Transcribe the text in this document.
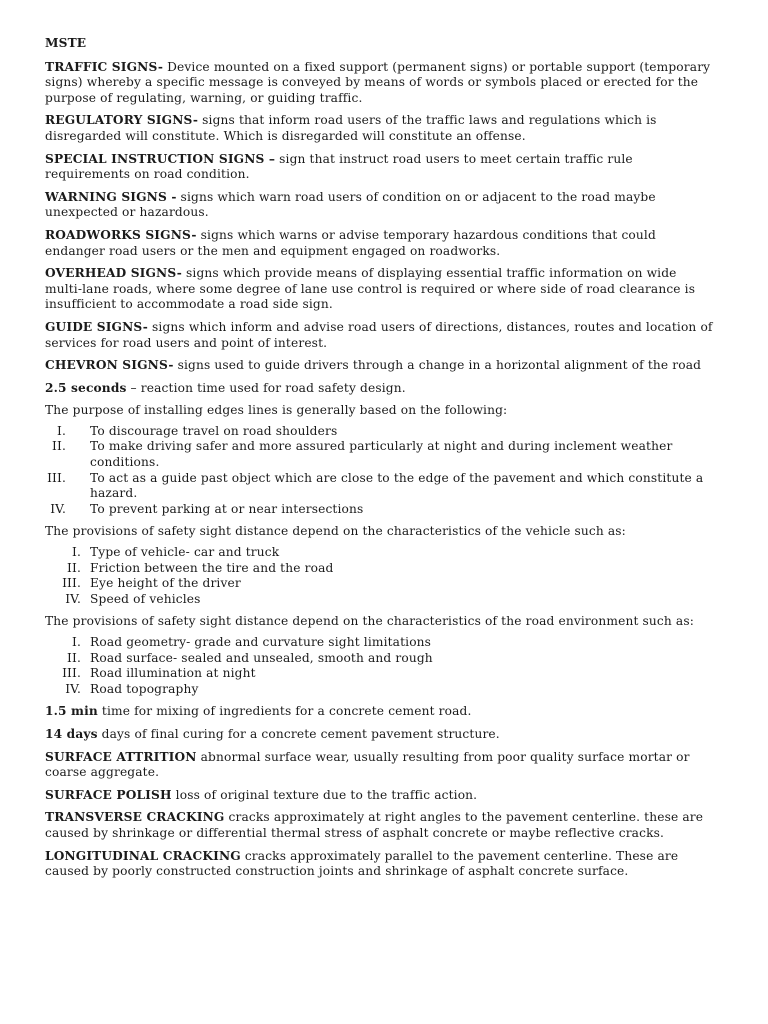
MSTE

TRAFFIC SIGNS- Device mounted on a fixed support (permanent signs) or portable support (temporary signs) whereby a specific message is conveyed by means of words or symbols placed or erected for the purpose of regulating, warning, or guiding traffic.

REGULATORY SIGNS- signs that inform road users of the traffic laws and regulations which is disregarded will constitute. Which is disregarded will constitute an offense.

SPECIAL INSTRUCTION SIGNS – sign that instruct road users to meet certain traffic rule requirements on road condition.

WARNING SIGNS - signs which warn road users of condition on or adjacent to the road maybe unexpected or hazardous.

ROADWORKS SIGNS- signs which warns or advise temporary hazardous conditions that could endanger road users or the men and equipment engaged on roadworks.

OVERHEAD SIGNS- signs which provide means of displaying essential traffic information on wide multi-lane roads, where some degree of lane use control is required or where side of road clearance is insufficient to accommodate a road side sign.

GUIDE SIGNS- signs which inform and advise road users of directions, distances, routes and location of services for road users and point of interest.

CHEVRON SIGNS- signs used to guide drivers through a change in a horizontal alignment of the road

2.5 seconds – reaction time used for road safety design.

The purpose of installing edges lines is generally based on the following:

I. To discourage travel on road shoulders
II. To make driving safer and more assured particularly at night and during inclement weather conditions.
III. To act as a guide past object which are close to the edge of the pavement and which constitute a hazard.
IV. To prevent parking at or near intersections

The provisions of safety sight distance depend on the characteristics of the vehicle such as:

I. Type of vehicle- car and truck
II. Friction between the tire and the road
III. Eye height of the driver
IV. Speed of vehicles

The provisions of safety sight distance depend on the characteristics of the road environment such as:

I. Road geometry- grade and curvature sight limitations
II. Road surface- sealed and unsealed, smooth and rough
III. Road illumination at night
IV. Road topography

1.5 min time for mixing of ingredients for a concrete cement road.

14 days days of final curing for a concrete cement pavement structure.

SURFACE ATTRITION abnormal surface wear, usually resulting from poor quality surface mortar or coarse aggregate.

SURFACE POLISH loss of original texture due to the traffic action.

TRANSVERSE CRACKING cracks approximately at right angles to the pavement centerline. these are caused by shrinkage or differential thermal stress of asphalt concrete or maybe reflective cracks.

LONGITUDINAL CRACKING cracks approximately parallel to the pavement centerline. These are caused by poorly constructed construction joints and shrinkage of asphalt concrete surface.
